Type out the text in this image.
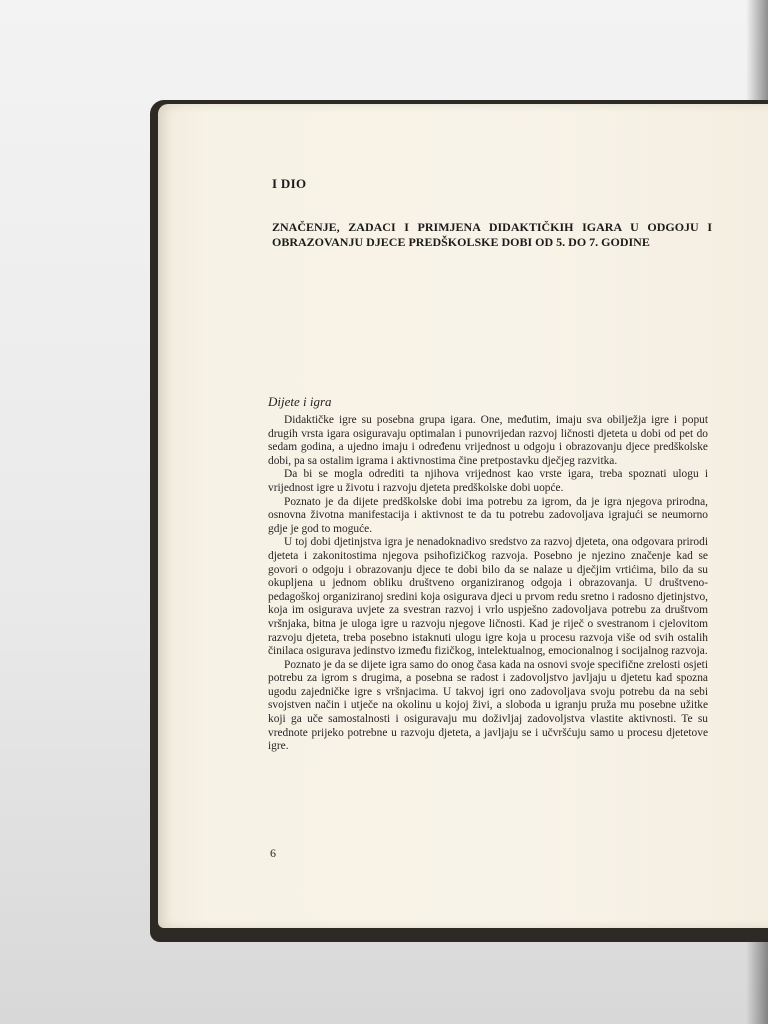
I DIO

ZNAČENJE, ZADACI I PRIMJENA DIDAKTIČKIH IGARA U ODGOJU I OBRAZOVANJU DJECE PREDŠKOLSKE DOBI OD 5. DO 7. GODINE

Dijete i igra

Didaktičke igre su posebna grupa igara. One, međutim, imaju sva obilježja igre i poput drugih vrsta igara osiguravaju optimalan i punovrijedan razvoj ličnosti djeteta u dobi od pet do sedam godina, a ujedno imaju i određenu vrijednost u odgoju i obrazovanju djece predškolske dobi, pa sa ostalim igrama i aktivnostima čine pretpostavku dječjeg razvitka.

Da bi se mogla odrediti ta njihova vrijednost kao vrste igara, treba spoznati ulogu i vrijednost igre u životu i razvoju djeteta predškolske dobi uopće.

Poznato je da dijete predškolske dobi ima potrebu za igrom, da je igra njegova prirodna, osnovna životna manifestacija i aktivnost te da tu potrebu zadovoljava igrajući se neumorno gdje je god to moguće.

U toj dobi djetinjstva igra je nenadoknadivo sredstvo za razvoj djeteta, ona odgovara prirodi djeteta i zakonitostima njegova psihofizičkog razvoja. Posebno je njezino značenje kad se govori o odgoju i obrazovanju djece te dobi bilo da se nalaze u dječjim vrtićima, bilo da su okupljena u jednom obliku društveno organiziranog odgoja i obrazovanja. U društveno-pedagoškoj organiziranoj sredini koja osigurava djeci u prvom redu sretno i radosno djetinjstvo, koja im osigurava uvjete za svestran razvoj i vrlo uspješno zadovoljava potrebu za društvom vršnjaka, bitna je uloga igre u razvoju njegove ličnosti. Kad je riječ o svestranom i cjelovitom razvoju djeteta, treba posebno istaknuti ulogu igre koja u procesu razvoja više od svih ostalih činilaca osigurava jedinstvo između fizičkog, intelektualnog, emocionalnog i socijalnog razvoja.

Poznato je da se dijete igra samo do onog časa kada na osnovi svoje specifične zrelosti osjeti potrebu za igrom s drugima, a posebna se radost i zadovoljstvo javljaju u djetetu kad spozna ugodu zajedničke igre s vršnjacima. U takvoj igri ono zadovoljava svoju potrebu da na sebi svojstven način i utječe na okolinu u kojoj živi, a sloboda u igranju pruža mu posebne užitke koji ga uče samostalnosti i osiguravaju mu doživljaj zadovoljstva vlastite aktivnosti. Te su vrednote prijeko potrebne u razvoju djeteta, a javljaju se i učvršćuju samo u procesu djetetove igre.

6
